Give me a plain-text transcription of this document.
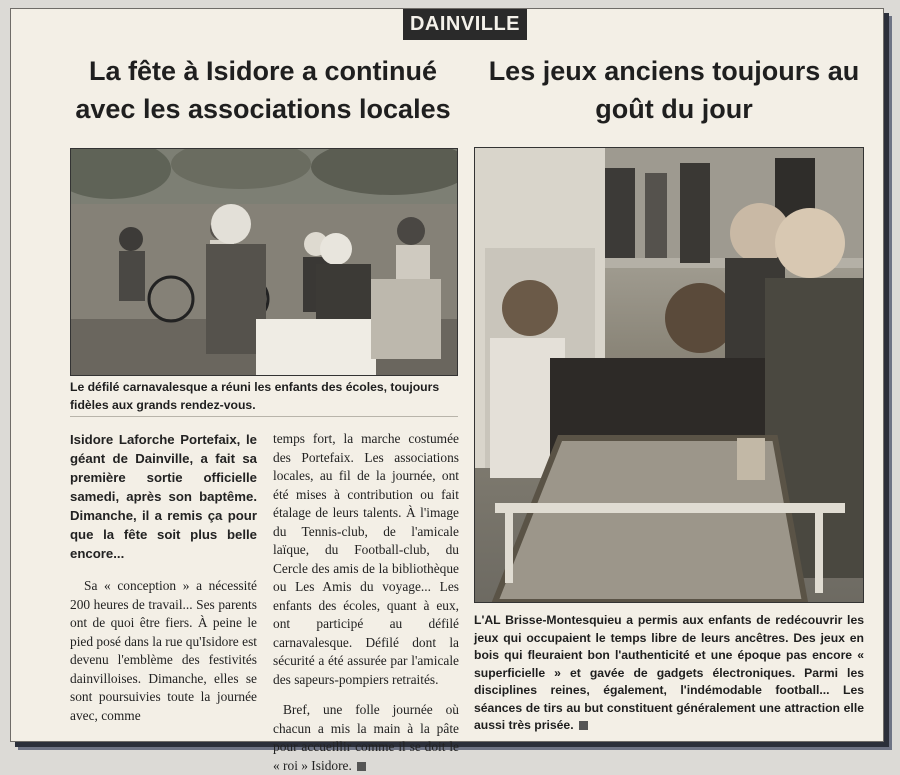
DAINVILLE
La fête à Isidore a continué avec les associations locales
Les jeux anciens toujours au goût du jour

Le défilé carnavalesque a réuni les enfants des écoles, toujours fidèles aux grands rendez-vous.

Isidore Laforche Portefaix, le géant de Dainville, a fait sa première sortie officielle samedi, après son baptême. Dimanche, il a remis ça pour que la fête soit plus belle encore...

Sa « conception » a nécessité 200 heures de travail... Ses parents ont de quoi être fiers. À peine le pied posé dans la rue qu'Isidore est devenu l'emblème des festivités dainvilloises. Dimanche, elles se sont poursuivies toute la journée avec, comme

temps fort, la marche costumée des Portefaix. Les associations locales, au fil de la journée, ont été mises à contribution ou fait étalage de leurs talents. À l'image du Tennis-club, de l'amicale laïque, du Football-club, du Cercle des amis de la bibliothèque ou Les Amis du voyage... Les enfants des écoles, quant à eux, ont participé au défilé carnavalesque. Défilé dont la sécurité a été assurée par l'amicale des sapeurs-pompiers retraités.

Bref, une folle journée où chacun a mis la main à la pâte pour accueillir comme il se doit le « roi » Isidore.

L'AL Brisse-Montesquieu a permis aux enfants de redécouvrir les jeux qui occupaient le temps libre de leurs ancêtres. Des jeux en bois qui fleuraient bon l'authenticité et une époque pas encore « superficielle » et gavée de gadgets électroniques. Parmi les disciplines reines, également, l'indémodable football... Les séances de tirs au but constituent généralement une attraction elle aussi très prisée.
